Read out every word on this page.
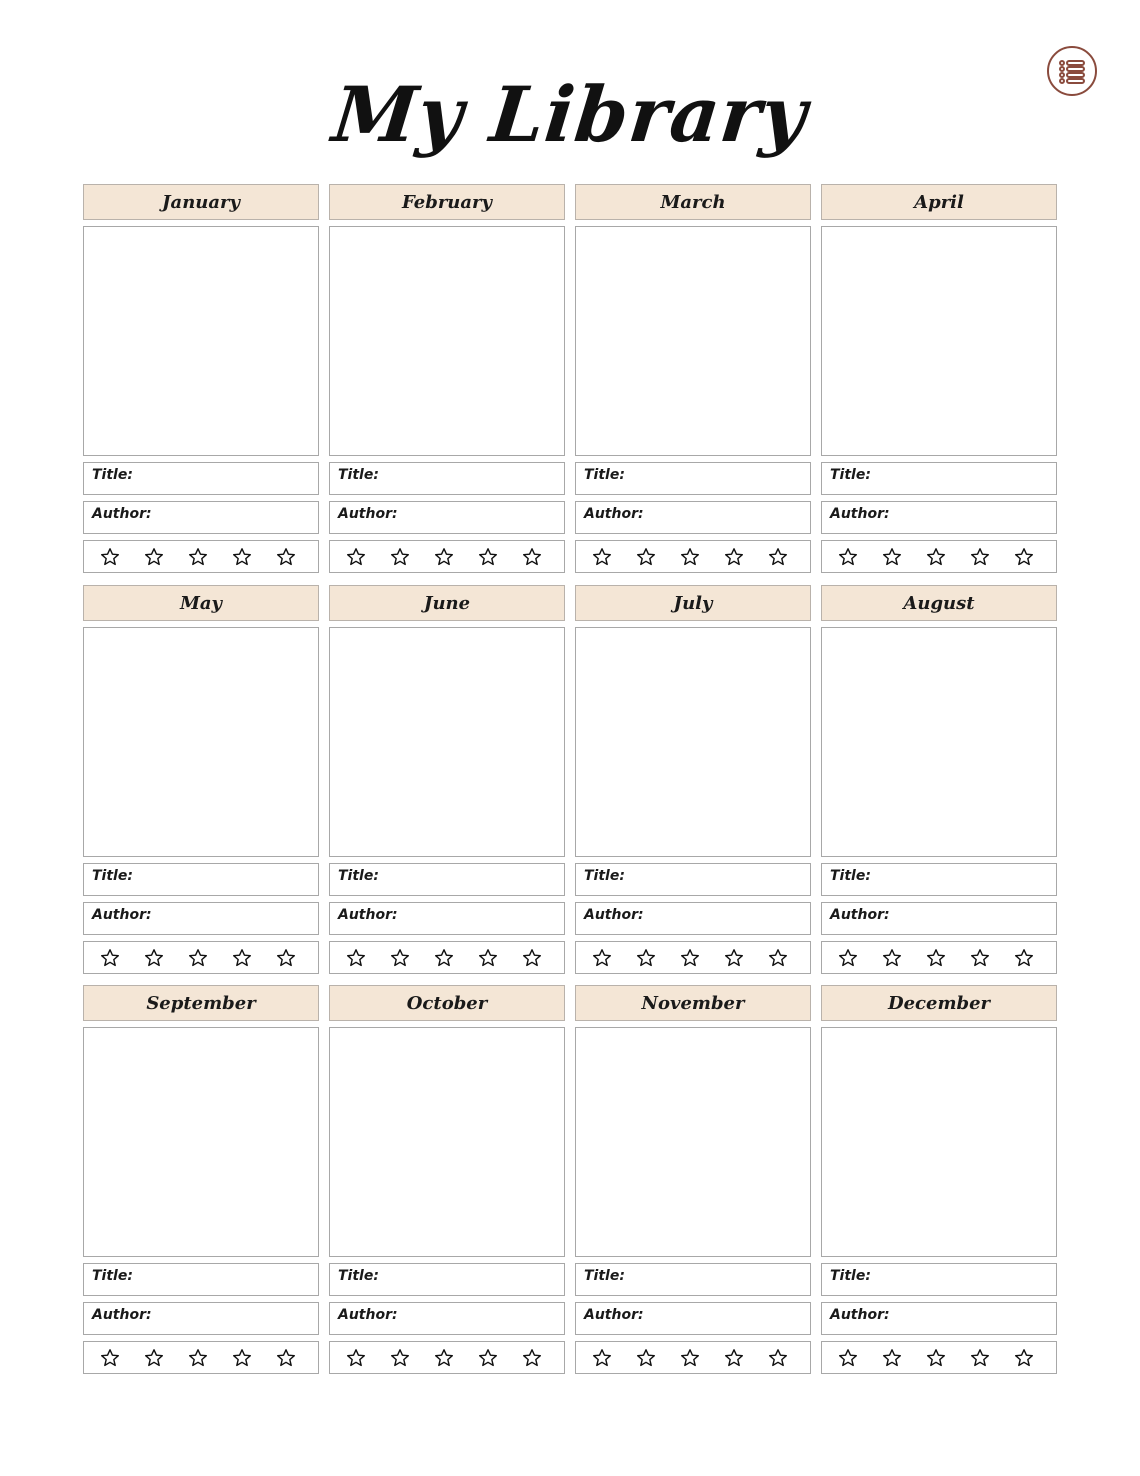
My Library
January
Title:
Author:
February
Title:
Author:
March
Title:
Author:
April
Title:
Author:
May
Title:
Author:
June
Title:
Author:
July
Title:
Author:
August
Title:
Author:
September
Title:
Author:
October
Title:
Author:
November
Title:
Author:
December
Title:
Author:
